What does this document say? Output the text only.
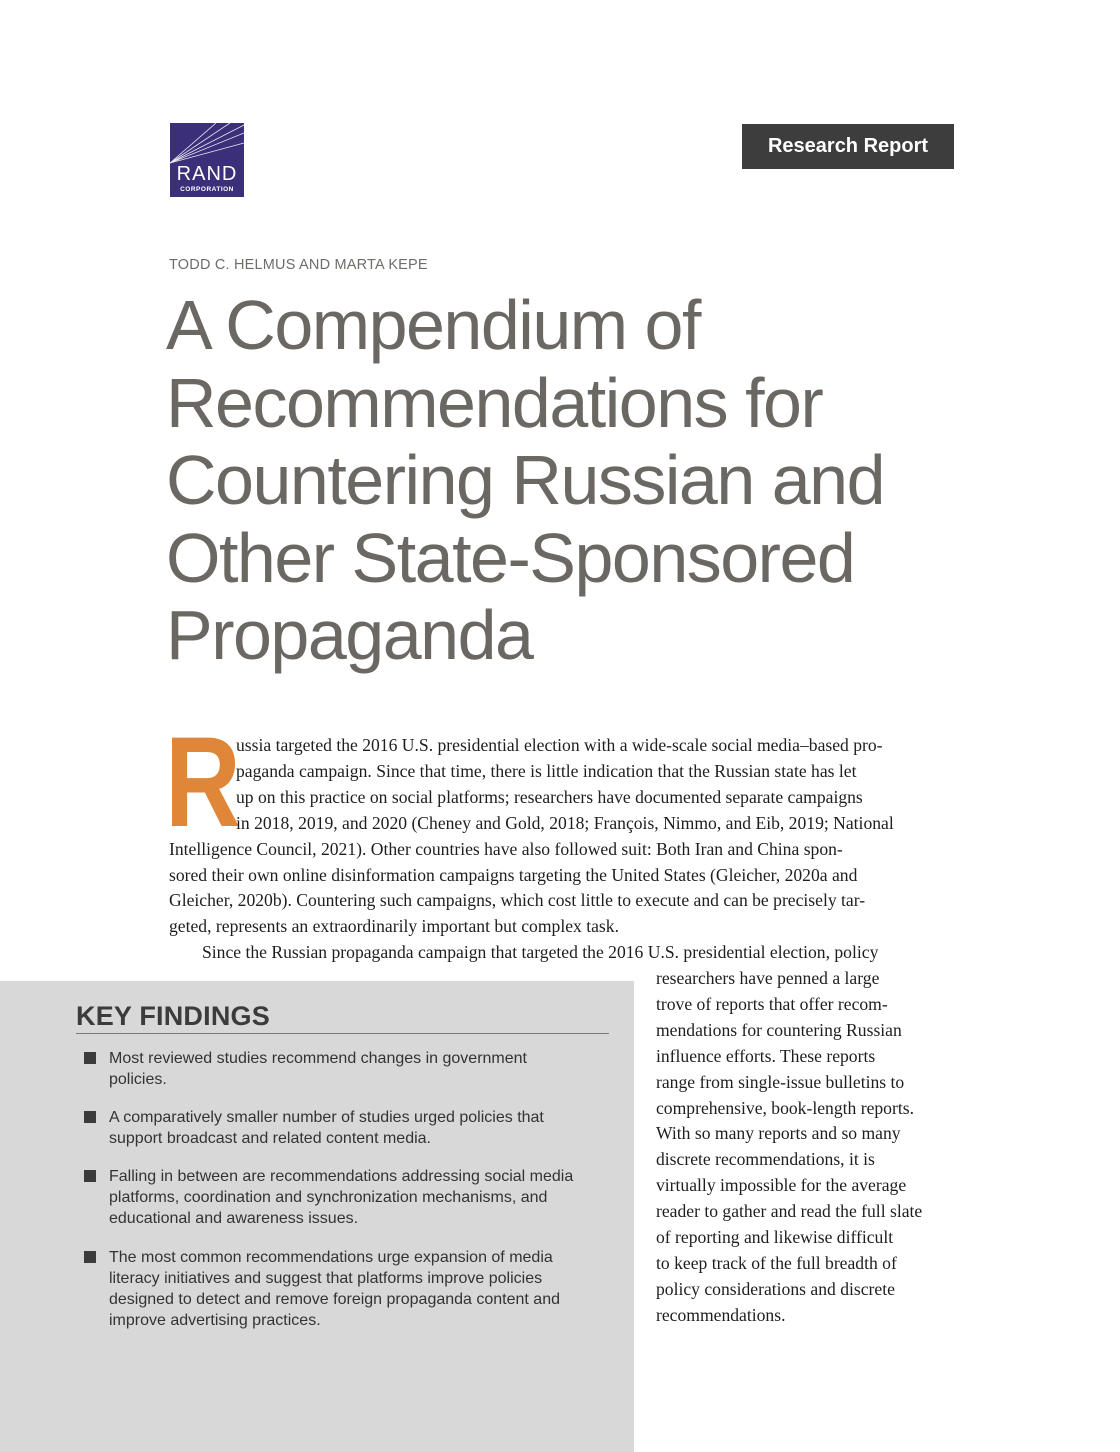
RAND
CORPORATION
Research Report
TODD C. HELMUS AND MARTA KEPE
A Compendium of
Recommendations for
Countering Russian and
Other State-Sponsored
Propaganda
R

ussia targeted the 2016 U.S. presidential election with a wide-scale social media–based pro-
paganda campaign. Since that time, there is little indication that the Russian state has let
up on this practice on social platforms; researchers have documented separate campaigns
in 2018, 2019, and 2020 (Cheney and Gold, 2018; François, Nimmo, and Eib, 2019; National

Intelligence Council, 2021). Other countries have also followed suit: Both Iran and China spon-
sored their own online disinformation campaigns targeting the United States (Gleicher, 2020a and
Gleicher, 2020b). Countering such campaigns, which cost little to execute and can be precisely tar-
geted, represents an extraordinarily important but complex task.

Since the Russian propaganda campaign that targeted the 2016 U.S. presidential election, policy

researchers have penned a large
trove of reports that offer recom-
mendations for countering Russian
influence efforts. These reports
range from single-issue bulletins to
comprehensive, book-length reports.
With so many reports and so many
discrete recommendations, it is
virtually impossible for the average
reader to gather and read the full slate
of reporting and likewise difficult
to keep track of the full breadth of
policy considerations and discrete
recommendations.

KEY FINDINGS
Most reviewed studies recommend changes in government
policies.
A comparatively smaller number of studies urged policies that
support broadcast and related content media.
Falling in between are recommendations addressing social media
platforms, coordination and synchronization mechanisms, and
educational and awareness issues.
The most common recommendations urge expansion of media
literacy initiatives and suggest that platforms improve policies
designed to detect and remove foreign propaganda content and
improve advertising practices.
